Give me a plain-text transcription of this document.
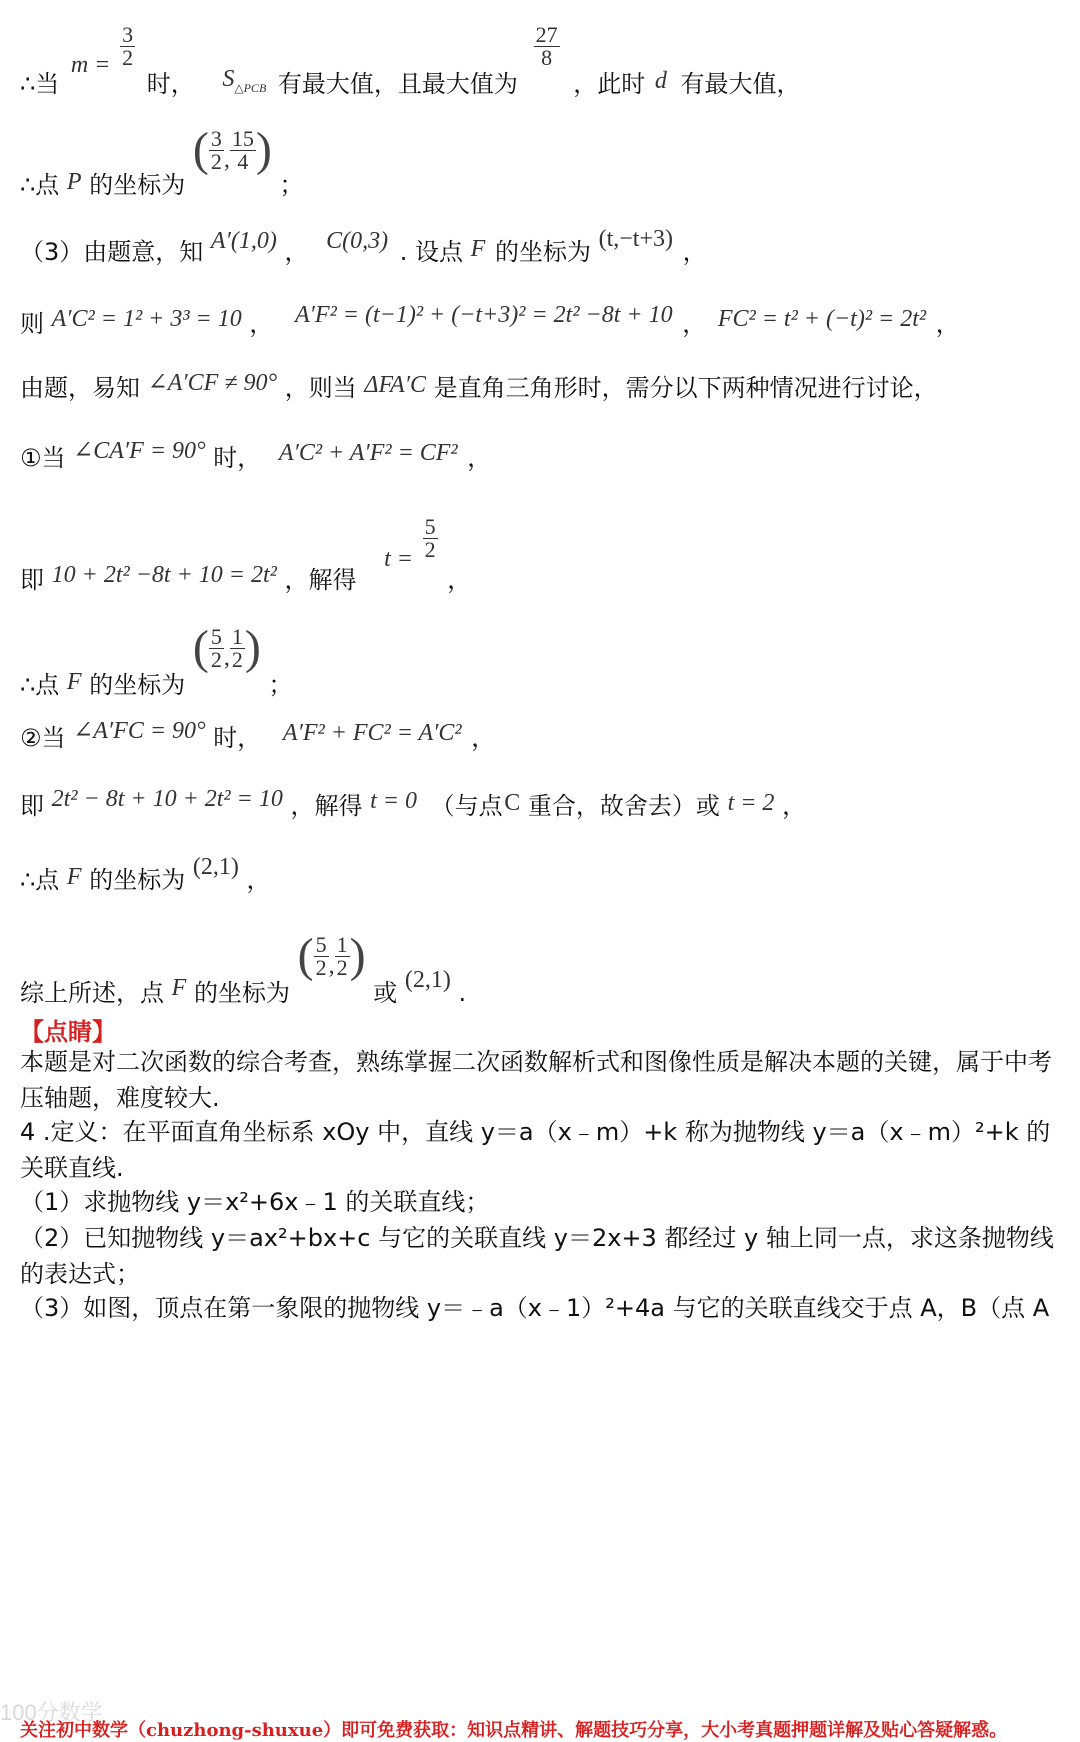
∴当 $m = \frac{3}{2}$
时， $S_{\triangle PCB}$ 有最大值，且最大值为
$\frac{27}{8}$
，此时 d 有最大值，
∴点 P 的坐标为 ( $\frac{3}{2}$ , $\frac{15}{4}$ ) ；
（3）由题意，知 A′(1,0) ， C(0,3) . 设点 F 的坐标为 (t,−t+3) ，
则 A′C² = 1² + 3³ = 10 ， A′F² = (t−1)² + (−t+3)² = 2t² −8t + 10 ， FC² = t² + (−t)² = 2t² ，
由题，易知 ∠A′CF ≠ 90° ，则当 ΔFA′C 是直角三角形时，需分以下两种情况进行讨论，
①当 ∠CA′F = 90° 时， A′C² + A′F² = CF² ，
即 10 + 2t² −8t + 10 = 2t² ，解得 $t = \frac{5}{2}$
，
∴点 F 的坐标为 ( $\frac{5}{2}$ , $\frac{1}{2}$ ) ；
②当 ∠A′FC = 90° 时， A′F² + FC² = A′C² ，
即 2t² − 8t + 10 + 2t² = 10 ，解得 t = 0 （与点 C 重合，故舍去）或 t = 2 ，
∴点 F 的坐标为 (2,1) ，
综上所述，点 F 的坐标为 ( $\frac{5}{2}$ , $\frac{1}{2}$ ) 或 (2,1) .
【点睛】
本题是对二次函数的综合考查，熟练掌握二次函数解析式和图像性质是解决本题的关键，属于中考压轴题，难度较大.
4 .定义：在平面直角坐标系 xOy 中，直线 y＝a（x﹣m）+k 称为抛物线 y＝a（x﹣m）²+k 的关联直线.
（1）求抛物线 y＝x²+6x﹣1 的关联直线；
（2）已知抛物线 y＝ax²+bx+c 与它的关联直线 y＝2x+3 都经过 y 轴上同一点，求这条抛物线的表达式；
（3）如图，顶点在第一象限的抛物线 y＝﹣a（x﹣1）²+4a 与它的关联直线交于点 A，B（点 A
100分数学
关注初中数学（chuzhong-shuxue）即可免费获取：知识点精讲、解题技巧分享，大小考真题押题详解及贴心答疑解惑。
